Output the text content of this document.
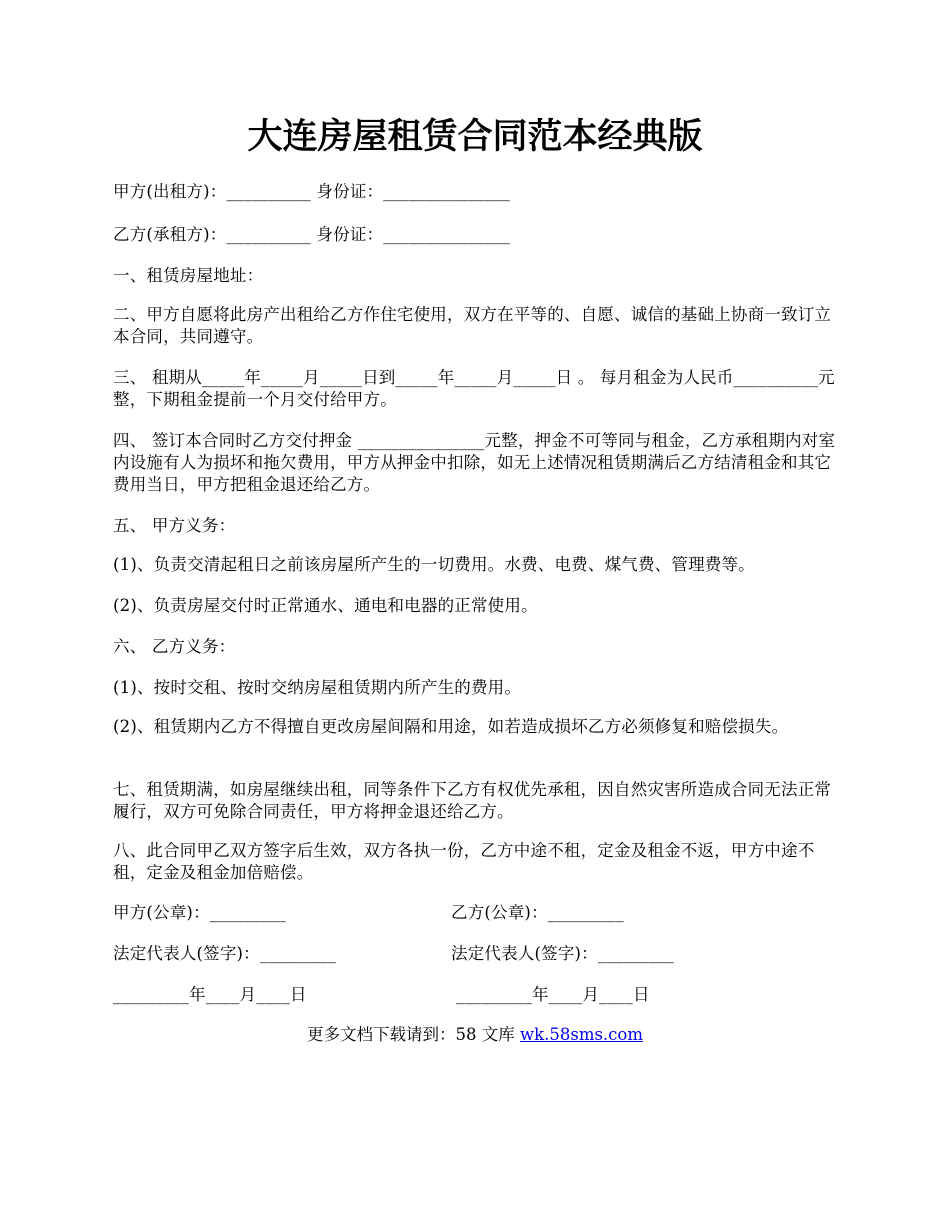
大连房屋租赁合同范本经典版
甲方(出租方)：__________ 身份证：_______________
乙方(承租方)：__________ 身份证：_______________
一、租赁房屋地址：
二、甲方自愿将此房产出租给乙方作住宅使用，双方在平等的、自愿、诚信的基础上协商一致订立本合同，共同遵守。
三、 租期从_____年_____月_____日到_____年_____月_____日 。 每月租金为人民币__________元整，下期租金提前一个月交付给甲方。
四、 签订本合同时乙方交付押金 _______________元整，押金不可等同与租金，乙方承租期内对室内设施有人为损坏和拖欠费用，甲方从押金中扣除，如无上述情况租赁期满后乙方结清租金和其它费用当日，甲方把租金退还给乙方。
五、 甲方义务：
(1)、负责交清起租日之前该房屋所产生的一切费用。水费、电费、煤气费、管理费等。
(2)、负责房屋交付时正常通水、通电和电器的正常使用。
六、 乙方义务：
(1)、按时交租、按时交纳房屋租赁期内所产生的费用。
(2)、租赁期内乙方不得擅自更改房屋间隔和用途，如若造成损坏乙方必须修复和赔偿损失。
七、租赁期满，如房屋继续出租，同等条件下乙方有权优先承租，因自然灾害所造成合同无法正常履行，双方可免除合同责任，甲方将押金退还给乙方。
八、此合同甲乙双方签字后生效，双方各执一份，乙方中途不租，定金及租金不返，甲方中途不租，定金及租金加倍赔偿。
甲方(公章)：_________	乙方(公章)：_________
法定代表人(签字)：_________	法定代表人(签字)：_________
_________年____月____日	_________年____月____日
更多文档下载请到：58 文库 wk.58sms.com
